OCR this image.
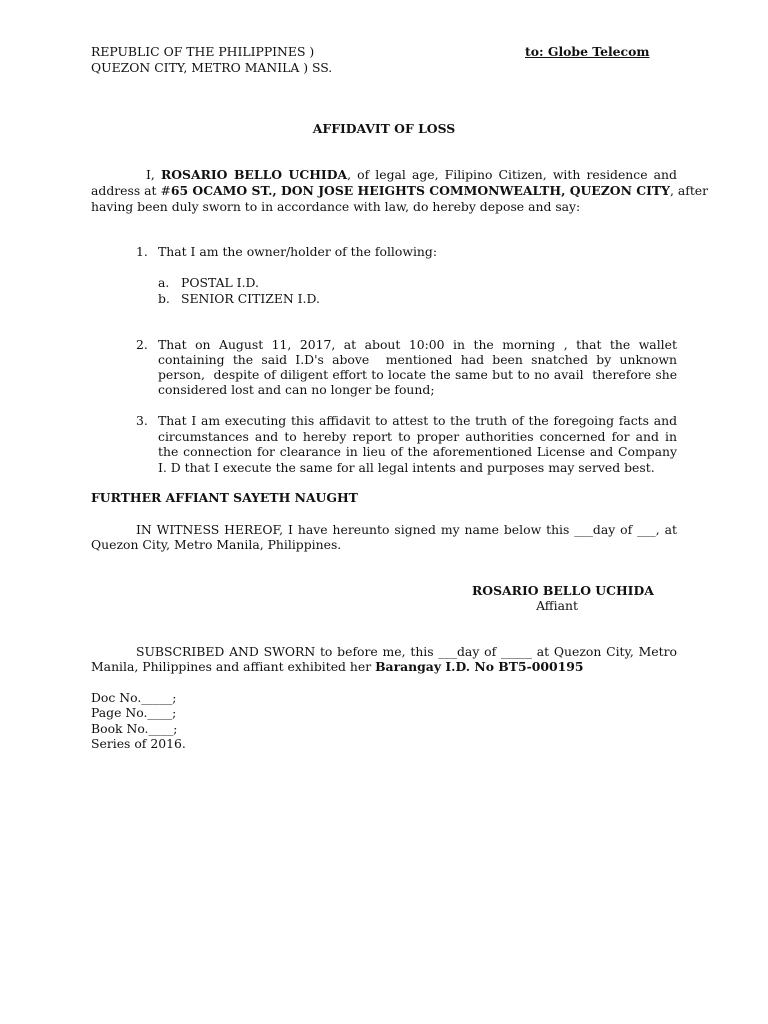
REPUBLIC OF THE PHILIPPINES )
QUEZON CITY, METRO MANILA ) SS.
to: Globe Telecom
AFFIDAVIT OF LOSS
I, ROSARIO BELLO UCHIDA, of legal age, Filipino Citizen, with residence and
address at #65 OCAMO ST., DON JOSE HEIGHTS COMMONWEALTH, QUEZON CITY, after
having been duly sworn to in accordance with law, do hereby depose and say:
1. That I am the owner/holder of the following:
a. POSTAL I.D.
b. SENIOR CITIZEN I.D.
2. That on August 11, 2017, at about 10:00 in the morning , that the wallet
containing the said I.D's above  mentioned had been snatched by unknown
person,  despite of diligent effort to locate the same but to no avail  therefore she
considered lost and can no longer be found;
3. That I am executing this affidavit to attest to the truth of the foregoing facts and
circumstances and to hereby report to proper authorities concerned for and in
the connection for clearance in lieu of the aforementioned License and Company
I. D that I execute the same for all legal intents and purposes may served best.
FURTHER AFFIANT SAYETH NAUGHT
IN WITNESS HEREOF, I have hereunto signed my name below this ___day of ___, at
Quezon City, Metro Manila, Philippines.
ROSARIO BELLO UCHIDA
Affiant
SUBSCRIBED AND SWORN to before me, this ___day of _____ at Quezon City, Metro
Manila, Philippines and affiant exhibited her Barangay I.D. No BT5-000195
Doc No._____;
Page No.____;
Book No.____;
Series of 2016.
